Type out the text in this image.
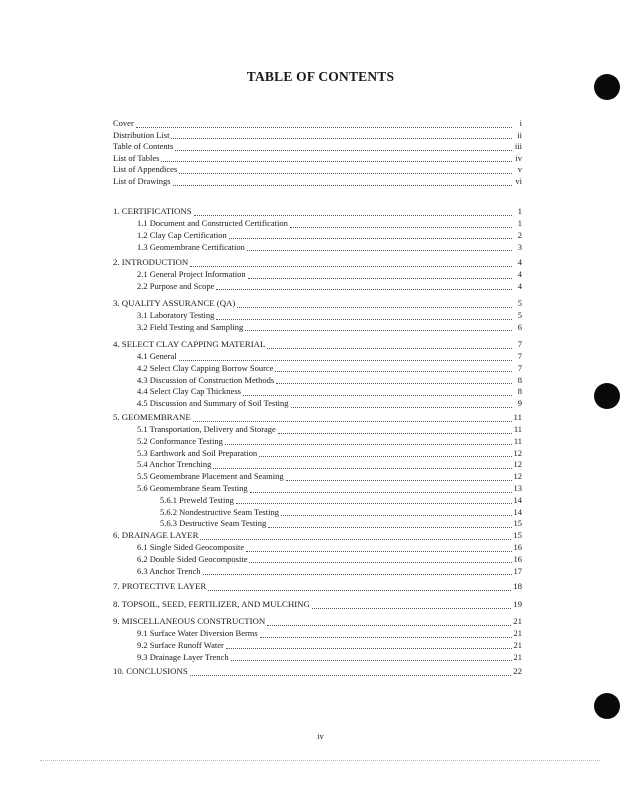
TABLE OF CONTENTS
Cover	i
Distribution List	ii
Table of Contents	iii
List of Tables	iv
List of Appendices	v
List of Drawings	vi
1. CERTIFICATIONS	1
1.1 Document and Constructed Certification	1
1.2 Clay Cap Certification	2
1.3 Geomembrane Certification	3
2. INTRODUCTION	4
2.1 General Project Information	4
2.2 Purpose and Scope	4
3. QUALITY ASSURANCE (QA)	5
3.1 Laboratory Testing	5
3.2 Field Testing and Sampling	6
4. SELECT CLAY CAPPING MATERIAL	7
4.1 General	7
4.2 Select Clay Capping Borrow Source	7
4.3 Discussion of Construction Methods	8
4.4 Select Clay Cap Thickness	8
4.5 Discussion and Summary of Soil Testing	9
5. GEOMEMBRANE	11
5.1 Transportation, Delivery and Storage	11
5.2 Conformance Testing	11
5.3 Earthwork and Soil Preparation	12
5.4 Anchor Trenching	12
5.5 Geomembrane Placement and Seaming	12
5.6 Geomembrane Seam Testing	13
5.6.1 Preweld Testing	14
5.6.2 Nondestructive Seam Testing	14
5.6.3 Destructive Seam Testing	15
6. DRAINAGE LAYER	15
6.1 Single Sided Geocomposite	16
6.2 Double Sided Geocomposite	16
6.3 Anchor Trench	17
7. PROTECTIVE LAYER	18
8. TOPSOIL, SEED, FERTILIZER, AND MULCHING	19
9. MISCELLANEOUS CONSTRUCTION	21
9.1 Surface Water Diversion Berms	21
9.2 Surface Runoff Water	21
9.3 Drainage Layer Trench	21
10. CONCLUSIONS	22
iv
